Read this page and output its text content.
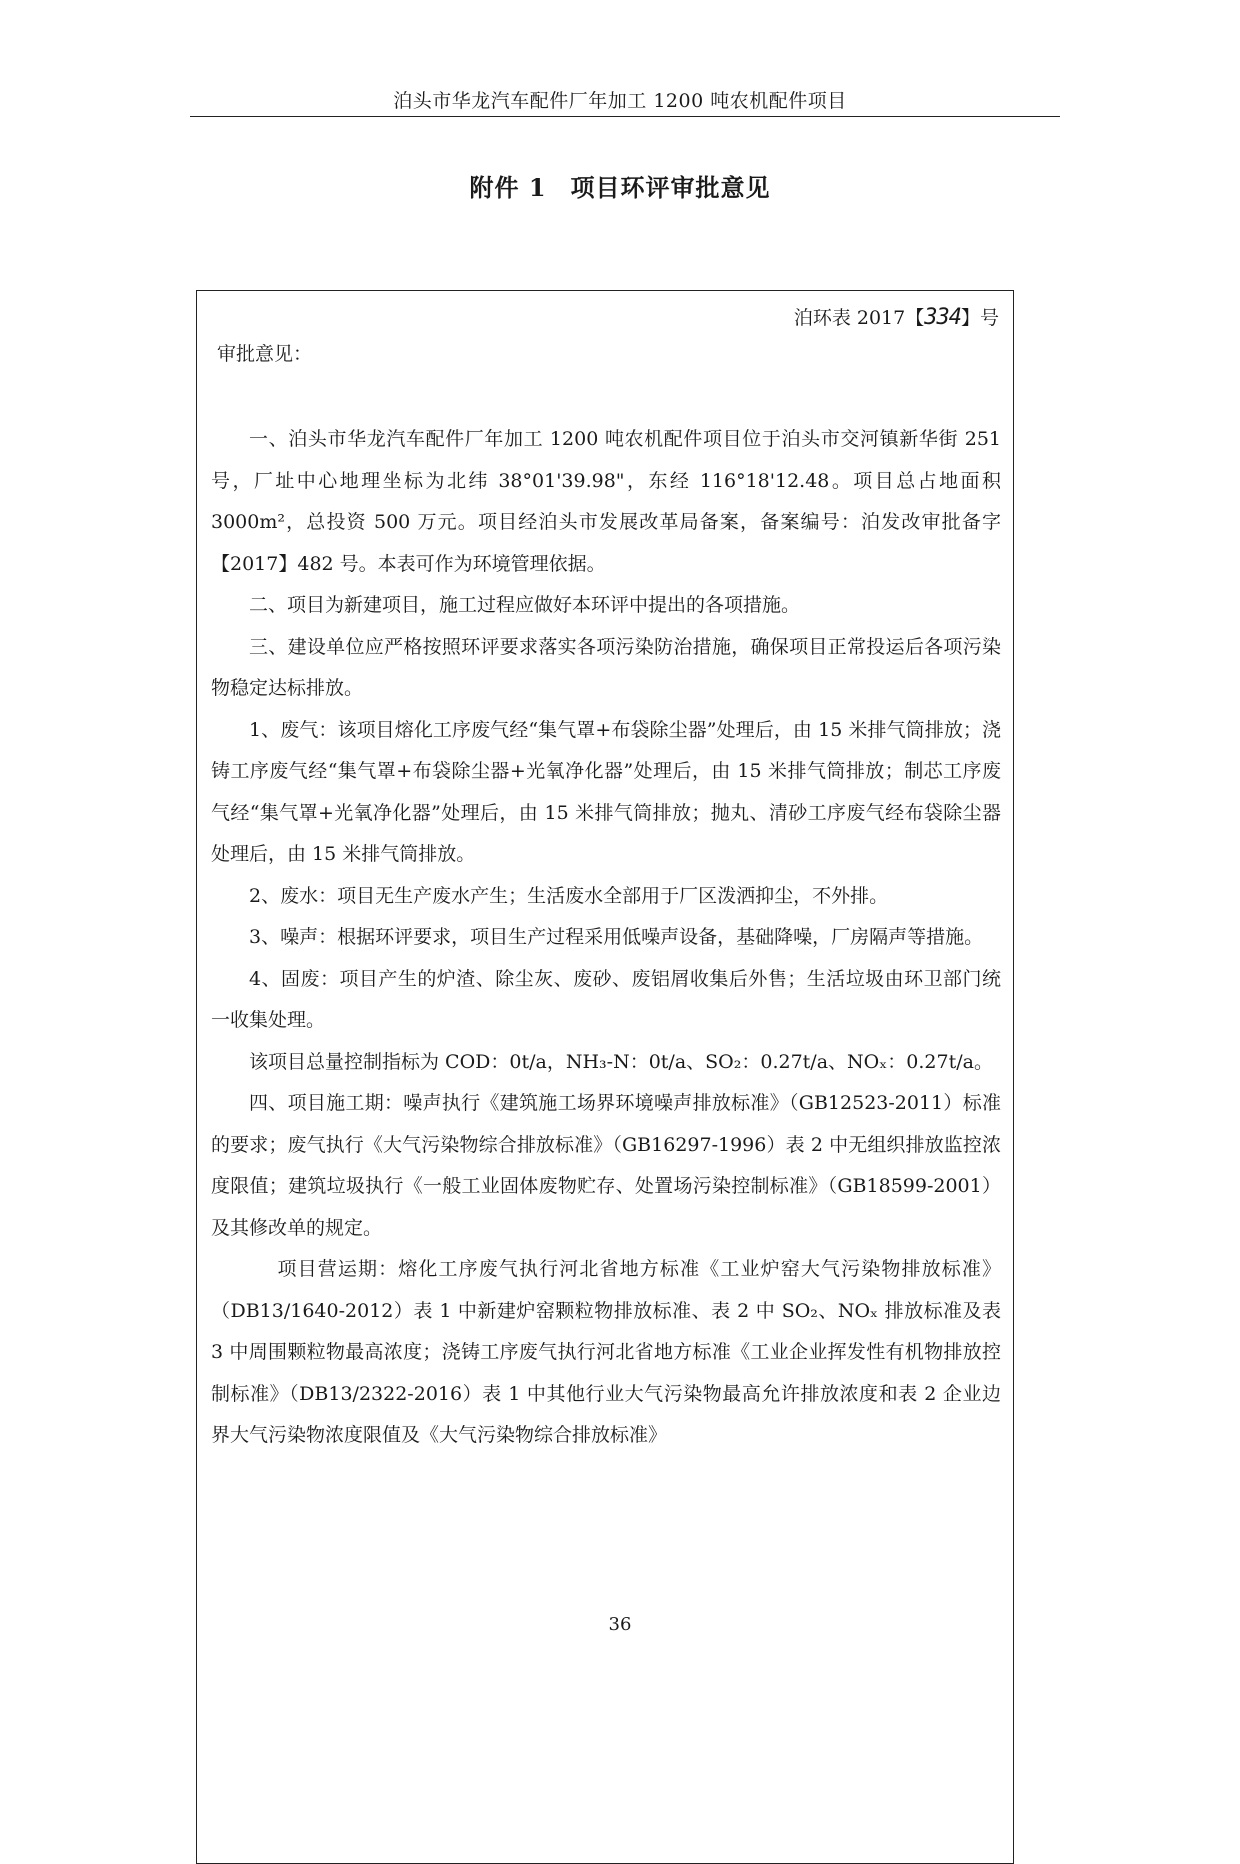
泊头市华龙汽车配件厂年加工 1200 吨农机配件项目
附件 1 项目环评审批意见
泊环表 2017【334】号
审批意见：

一、泊头市华龙汽车配件厂年加工 1200 吨农机配件项目位于泊头市交河镇新华街 251 号，厂址中心地理坐标为北纬 38°01'39.98"，东经 116°18'12.48。项目总占地面积 3000m²，总投资 500 万元。项目经泊头市发展改革局备案，备案编号：泊发改审批备字【2017】482 号。本表可作为环境管理依据。

二、项目为新建项目，施工过程应做好本环评中提出的各项措施。

三、建设单位应严格按照环评要求落实各项污染防治措施，确保项目正常投运后各项污染物稳定达标排放。

1、废气：该项目熔化工序废气经“集气罩+布袋除尘器”处理后，由 15 米排气筒排放；浇铸工序废气经“集气罩+布袋除尘器+光氧净化器”处理后，由 15 米排气筒排放；制芯工序废气经“集气罩+光氧净化器”处理后，由 15 米排气筒排放；抛丸、清砂工序废气经布袋除尘器处理后，由 15 米排气筒排放。

2、废水：项目无生产废水产生；生活废水全部用于厂区泼洒抑尘，不外排。

3、噪声：根据环评要求，项目生产过程采用低噪声设备，基础降噪，厂房隔声等措施。

4、固废：项目产生的炉渣、除尘灰、废砂、废铝屑收集后外售；生活垃圾由环卫部门统一收集处理。

该项目总量控制指标为 COD：0t/a，NH₃-N：0t/a、SO₂：0.27t/a、NOₓ：0.27t/a。

四、项目施工期：噪声执行《建筑施工场界环境噪声排放标准》（GB12523-2011）标准的要求；废气执行《大气污染物综合排放标准》（GB16297-1996）表 2 中无组织排放监控浓度限值；建筑垃圾执行《一般工业固体废物贮存、处置场污染控制标准》（GB18599-2001）及其修改单的规定。

项目营运期：熔化工序废气执行河北省地方标准《工业炉窑大气污染物排放标准》（DB13/1640-2012）表 1 中新建炉窑颗粒物排放标准、表 2 中 SO₂、NOₓ 排放标准及表 3 中周围颗粒物最高浓度；浇铸工序废气执行河北省地方标准《工业企业挥发性有机物排放控制标准》（DB13/2322-2016）表 1 中其他行业大气污染物最高允许排放浓度和表 2 企业边界大气污染物浓度限值及《大气污染物综合排放标准》

36
